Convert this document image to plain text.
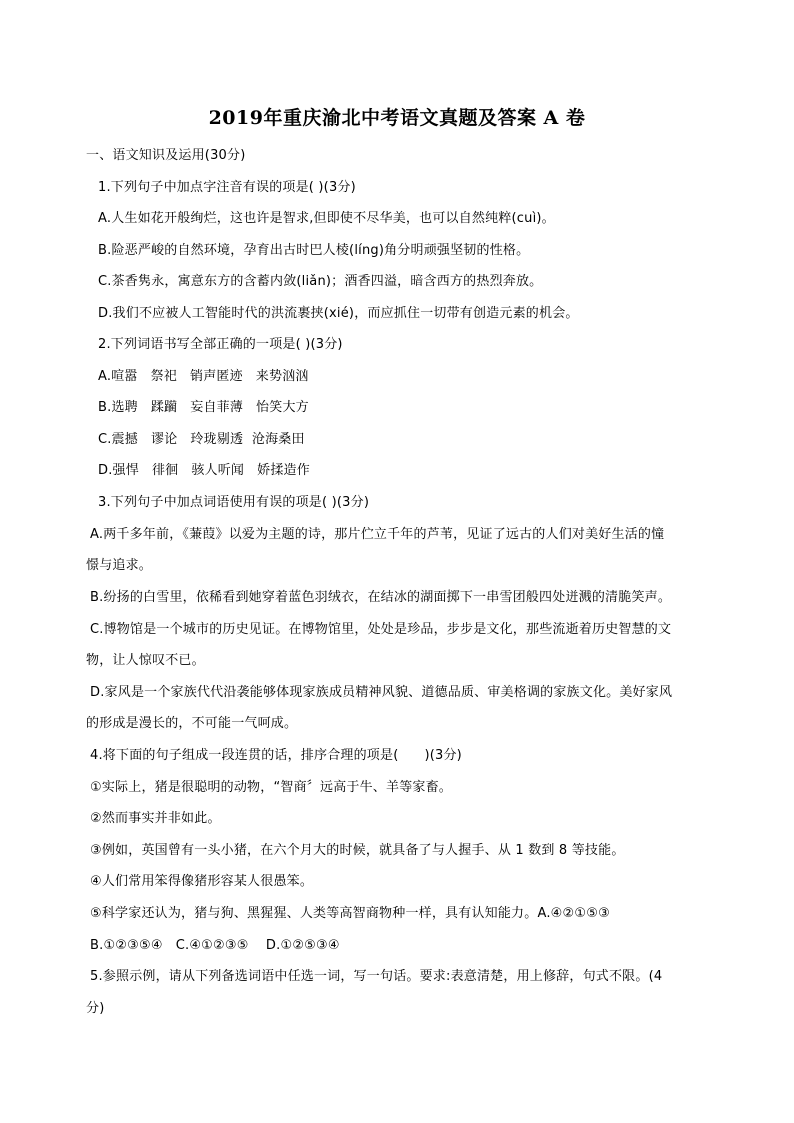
2019年重庆渝北中考语文真题及答案 A 卷
一、语文知识及运用(30分)
1.下列句子中加点字注音有误的项是( )(3分)
A.人生如花开般绚烂，这也许是智求,但即使不尽华美，也可以自然纯粹(cuì)。
B.险恶严峻的自然环境，孕育出古时巴人棱(líng)角分明顽强坚韧的性格。
C.茶香隽永，寓意东方的含蓄内敛(liǎn)；酒香四溢，暗含西方的热烈奔放。
D.我们不应被人工智能时代的洪流裹挟(xié)，而应抓住一切带有创造元素的机会。
2.下列词语书写全部正确的一项是( )(3分)
A.喧嚣   祭祀   销声匿迹   来势汹汹
B.选聘   蹂躏   妄自菲薄   怡笑大方
C.震撼   谬论   玲珑剔透  沧海桑田
D.强悍   徘徊   骇人听闻   娇揉造作
3.下列句子中加点词语使用有误的项是( )(3分)
A.两千多年前，《蒹葭》以爱为主题的诗，那片伫立千年的芦苇，见证了远古的人们对美好生活的憧
憬与追求。
B.纷扬的白雪里，依稀看到她穿着蓝色羽绒衣，在结冰的湖面掷下一串雪团般四处迸溅的清脆笑声。
C.博物馆是一个城市的历史见证。在博物馆里，处处是珍品，步步是文化，那些流逝着历史智慧的文
物，让人惊叹不已。
D.家风是一个家族代代沿袭能够体现家族成员精神风貌、道德品质、审美格调的家族文化。美好家风
的形成是漫长的，不可能一气呵成。
4.将下面的句子组成一段连贯的话，排序合理的项是(      )(3分)
①实际上，猪是很聪明的动物，“智商〞远高于牛、羊等家畜。
②然而事实并非如此。
③例如，英国曾有一头小猪，在六个月大的时候，就具备了与人握手、从 1 数到 8 等技能。
④人们常用笨得像猪形容某人很愚笨。
⑤科学家还认为，猪与狗、黑猩猩、人类等高智商物种一样，具有认知能力。A.④②①⑤③
B.①②③⑤④   C.④①②③⑤    D.①②⑤③④
5.参照示例，请从下列备选词语中任选一词，写一句话。要求:表意清楚，用上修辞，句式不限。(4
分)
